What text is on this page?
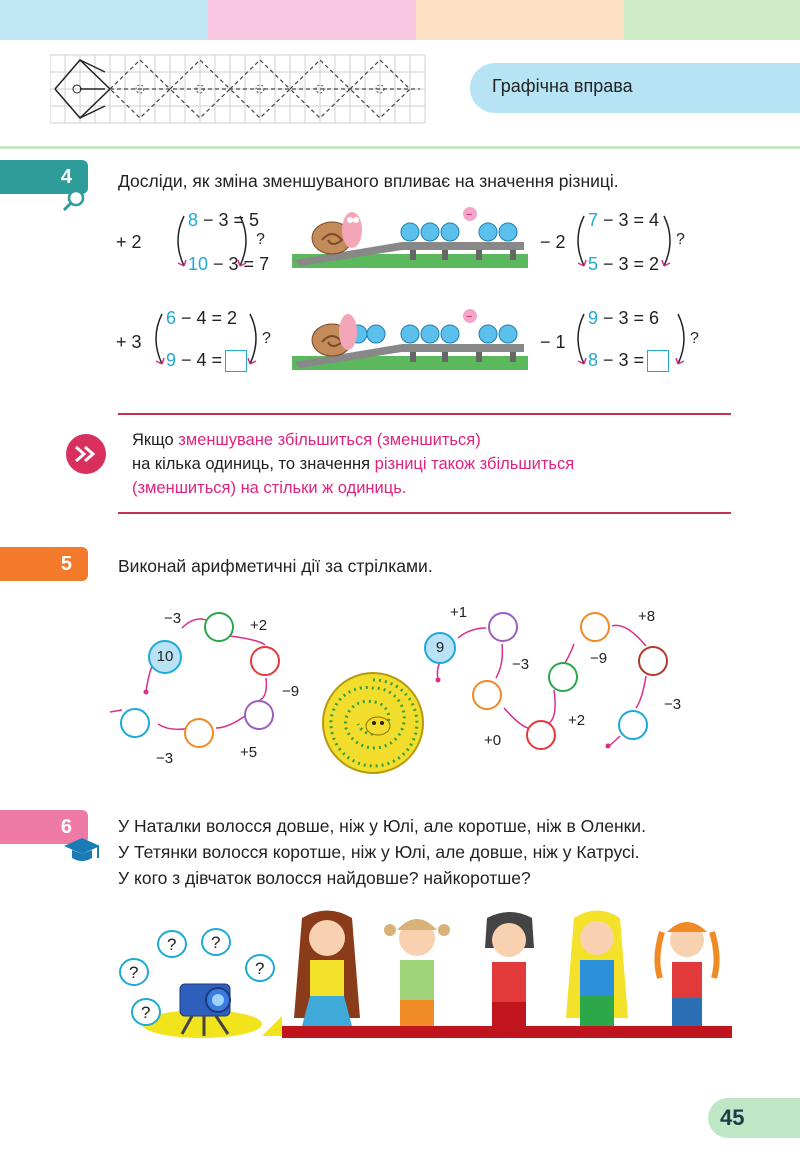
Графічна вправа
4	Досліди, як зміна зменшуваного впливає на значення різниці.
+ 2
8 − 3 = 5
10 − 3 = 7
?
−
− 2
7 − 3 = 4
5 − 3 = 2
?
+ 3
6 − 4 = 2
9 − 4 =
?
−
− 1
9 − 3 = 6
8 − 3 =
?
Якщо зменшуване збільшиться (зменшиться)
на кілька одиниць, то значення різниці також збільшиться
(зменшиться) на стільки ж одиниць.
5	Виконай арифметичні дії за стрілками.
10
−3	+2
−9
+5
−3
9
+1
−3
+0
+2
−9
+8
−3
6	У Наталки волосся довше, ніж у Юлі, але коротше, ніж в Оленки.
У Тетянки волосся коротше, ніж у Юлі, але довше, ніж у Катрусі.
У кого з дівчаток волосся найдовше? найкоротше?
?
? ?
?
?
45
